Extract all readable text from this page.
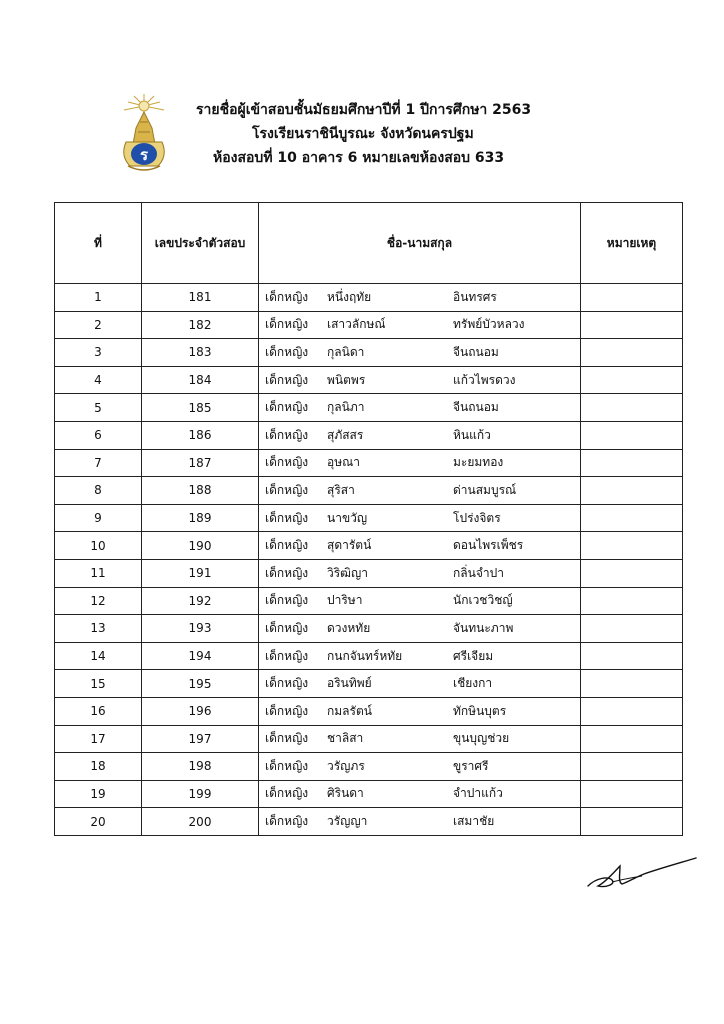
ร
รายชื่อผู้เข้าสอบชั้นมัธยมศึกษาปีที่ 1 ปีการศึกษา 2563
โรงเรียนราชินีบูรณะ จังหวัดนครปฐม
ห้องสอบที่ 10 อาคาร 6 หมายเลขห้องสอบ 633
ที่	เลขประจำตัวสอบ	ชื่อ-นามสกุล	หมายเหตุ
1	181	เด็กหญิง หนึ่งฤทัย อินทรศร	

2	182	เด็กหญิง เสาวลักษณ์ ทรัพย์บัวหลวง	

3	183	เด็กหญิง กุลนิดา จีนถนอม	

4	184	เด็กหญิง พนิตพร แก้วไพรดวง	

5	185	เด็กหญิง กุลนิภา จีนถนอม	

6	186	เด็กหญิง สุภัสสร หินแก้ว	

7	187	เด็กหญิง อุษณา มะยมทอง	

8	188	เด็กหญิง สุริสา ด่านสมบูรณ์	

9	189	เด็กหญิง นาขวัญ โปร่งจิตร	

10	190	เด็กหญิง สุดารัตน์ ดอนไพรเพ็ชร	

11	191	เด็กหญิง วิริฒิญา กลิ่นจำปา	

12	192	เด็กหญิง ปาริษา นักเวชวิชญ์	

13	193	เด็กหญิง ดวงหทัย จันทนะภาพ	

14	194	เด็กหญิง กนกจันทร์หทัย ศรีเจียม	

15	195	เด็กหญิง อรินทิพย์ เชียงกา	

16	196	เด็กหญิง กมลรัตน์ ทักษินบุตร	

17	197	เด็กหญิง ชาลิสา ขุนบุญช่วย	

18	198	เด็กหญิง วรัญภร ขูราศรี	

19	199	เด็กหญิง ศิรินดา จำปาแก้ว	

20	200	เด็กหญิง วรัญญา เสมาชัย	
